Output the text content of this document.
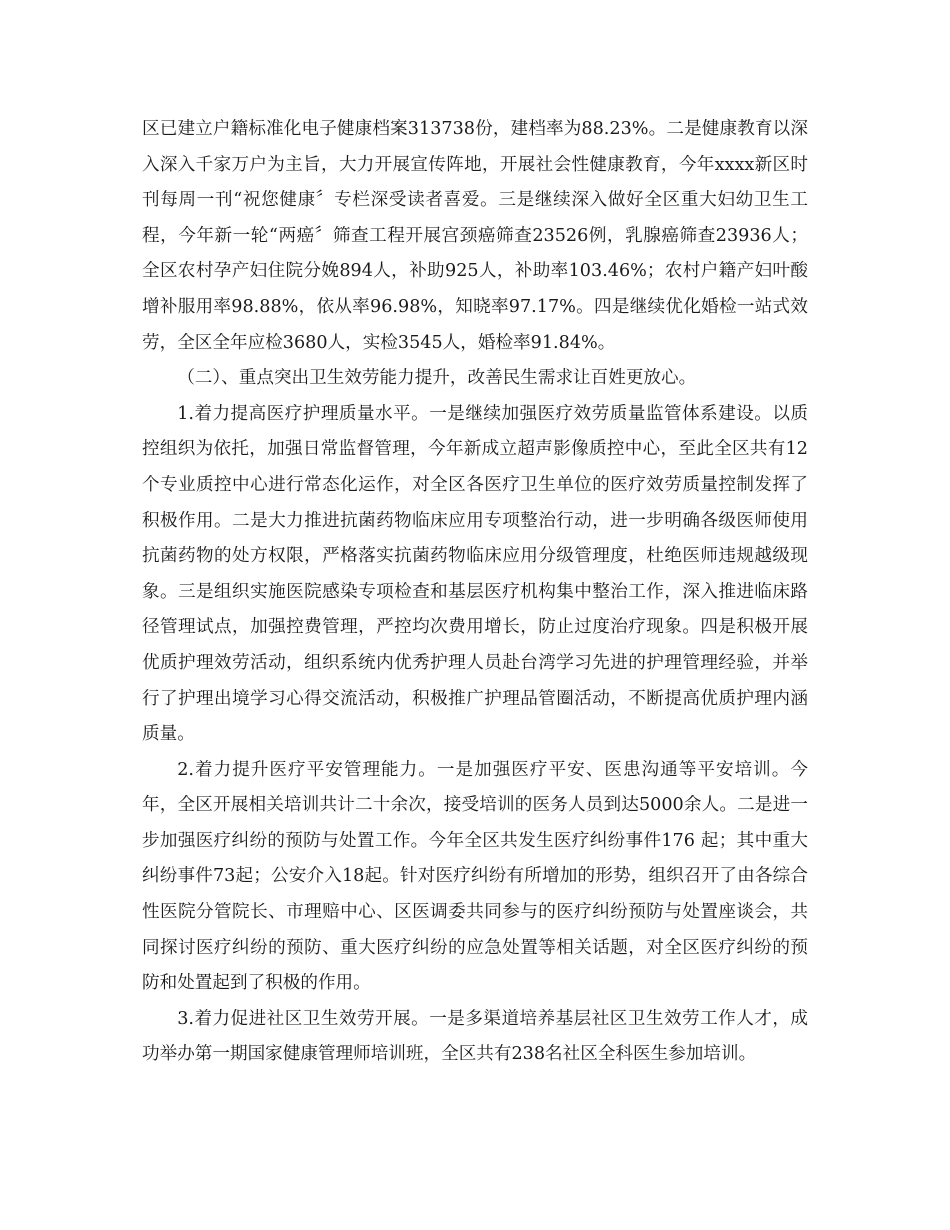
区已建立户籍标准化电子健康档案313738份，建档率为88.23%。二是健康教育以深入深入千家万户为主旨，大力开展宣传阵地，开展社会性健康教育，今年xxxx新区时刊每周一刊“祝您健康〞专栏深受读者喜爱。三是继续深入做好全区重大妇幼卫生工程，今年新一轮“两癌〞筛查工程开展宫颈癌筛查23526例，乳腺癌筛查23936人；全区农村孕产妇住院分娩894人，补助925人，补助率103.46%；农村户籍产妇叶酸增补服用率98.88%，依从率96.98%，知晓率97.17%。四是继续优化婚检一站式效劳，全区全年应检3680人，实检3545人，婚检率91.84%。

（二）、重点突出卫生效劳能力提升，改善民生需求让百姓更放心。

1.着力提高医疗护理质量水平。一是继续加强医疗效劳质量监管体系建设。以质控组织为依托，加强日常监督管理，今年新成立超声影像质控中心，至此全区共有12个专业质控中心进行常态化运作，对全区各医疗卫生单位的医疗效劳质量控制发挥了积极作用。二是大力推进抗菌药物临床应用专项整治行动，进一步明确各级医师使用抗菌药物的处方权限，严格落实抗菌药物临床应用分级管理度，杜绝医师违规越级现象。三是组织实施医院感染专项检查和基层医疗机构集中整治工作，深入推进临床路径管理试点，加强控费管理，严控均次费用增长，防止过度治疗现象。四是积极开展优质护理效劳活动，组织系统内优秀护理人员赴台湾学习先进的护理管理经验，并举行了护理出境学习心得交流活动，积极推广护理品管圈活动，不断提高优质护理内涵质量。

2.着力提升医疗平安管理能力。一是加强医疗平安、医患沟通等平安培训。今年，全区开展相关培训共计二十余次，接受培训的医务人员到达5000余人。二是进一步加强医疗纠纷的预防与处置工作。今年全区共发生医疗纠纷事件176 起；其中重大纠纷事件73起；公安介入18起。针对医疗纠纷有所增加的形势，组织召开了由各综合性医院分管院长、市理赔中心、区医调委共同参与的医疗纠纷预防与处置座谈会，共同探讨医疗纠纷的预防、重大医疗纠纷的应急处置等相关话题，对全区医疗纠纷的预防和处置起到了积极的作用。

3.着力促进社区卫生效劳开展。一是多渠道培养基层社区卫生效劳工作人才，成功举办第一期国家健康管理师培训班，全区共有238名社区全科医生参加培训。
